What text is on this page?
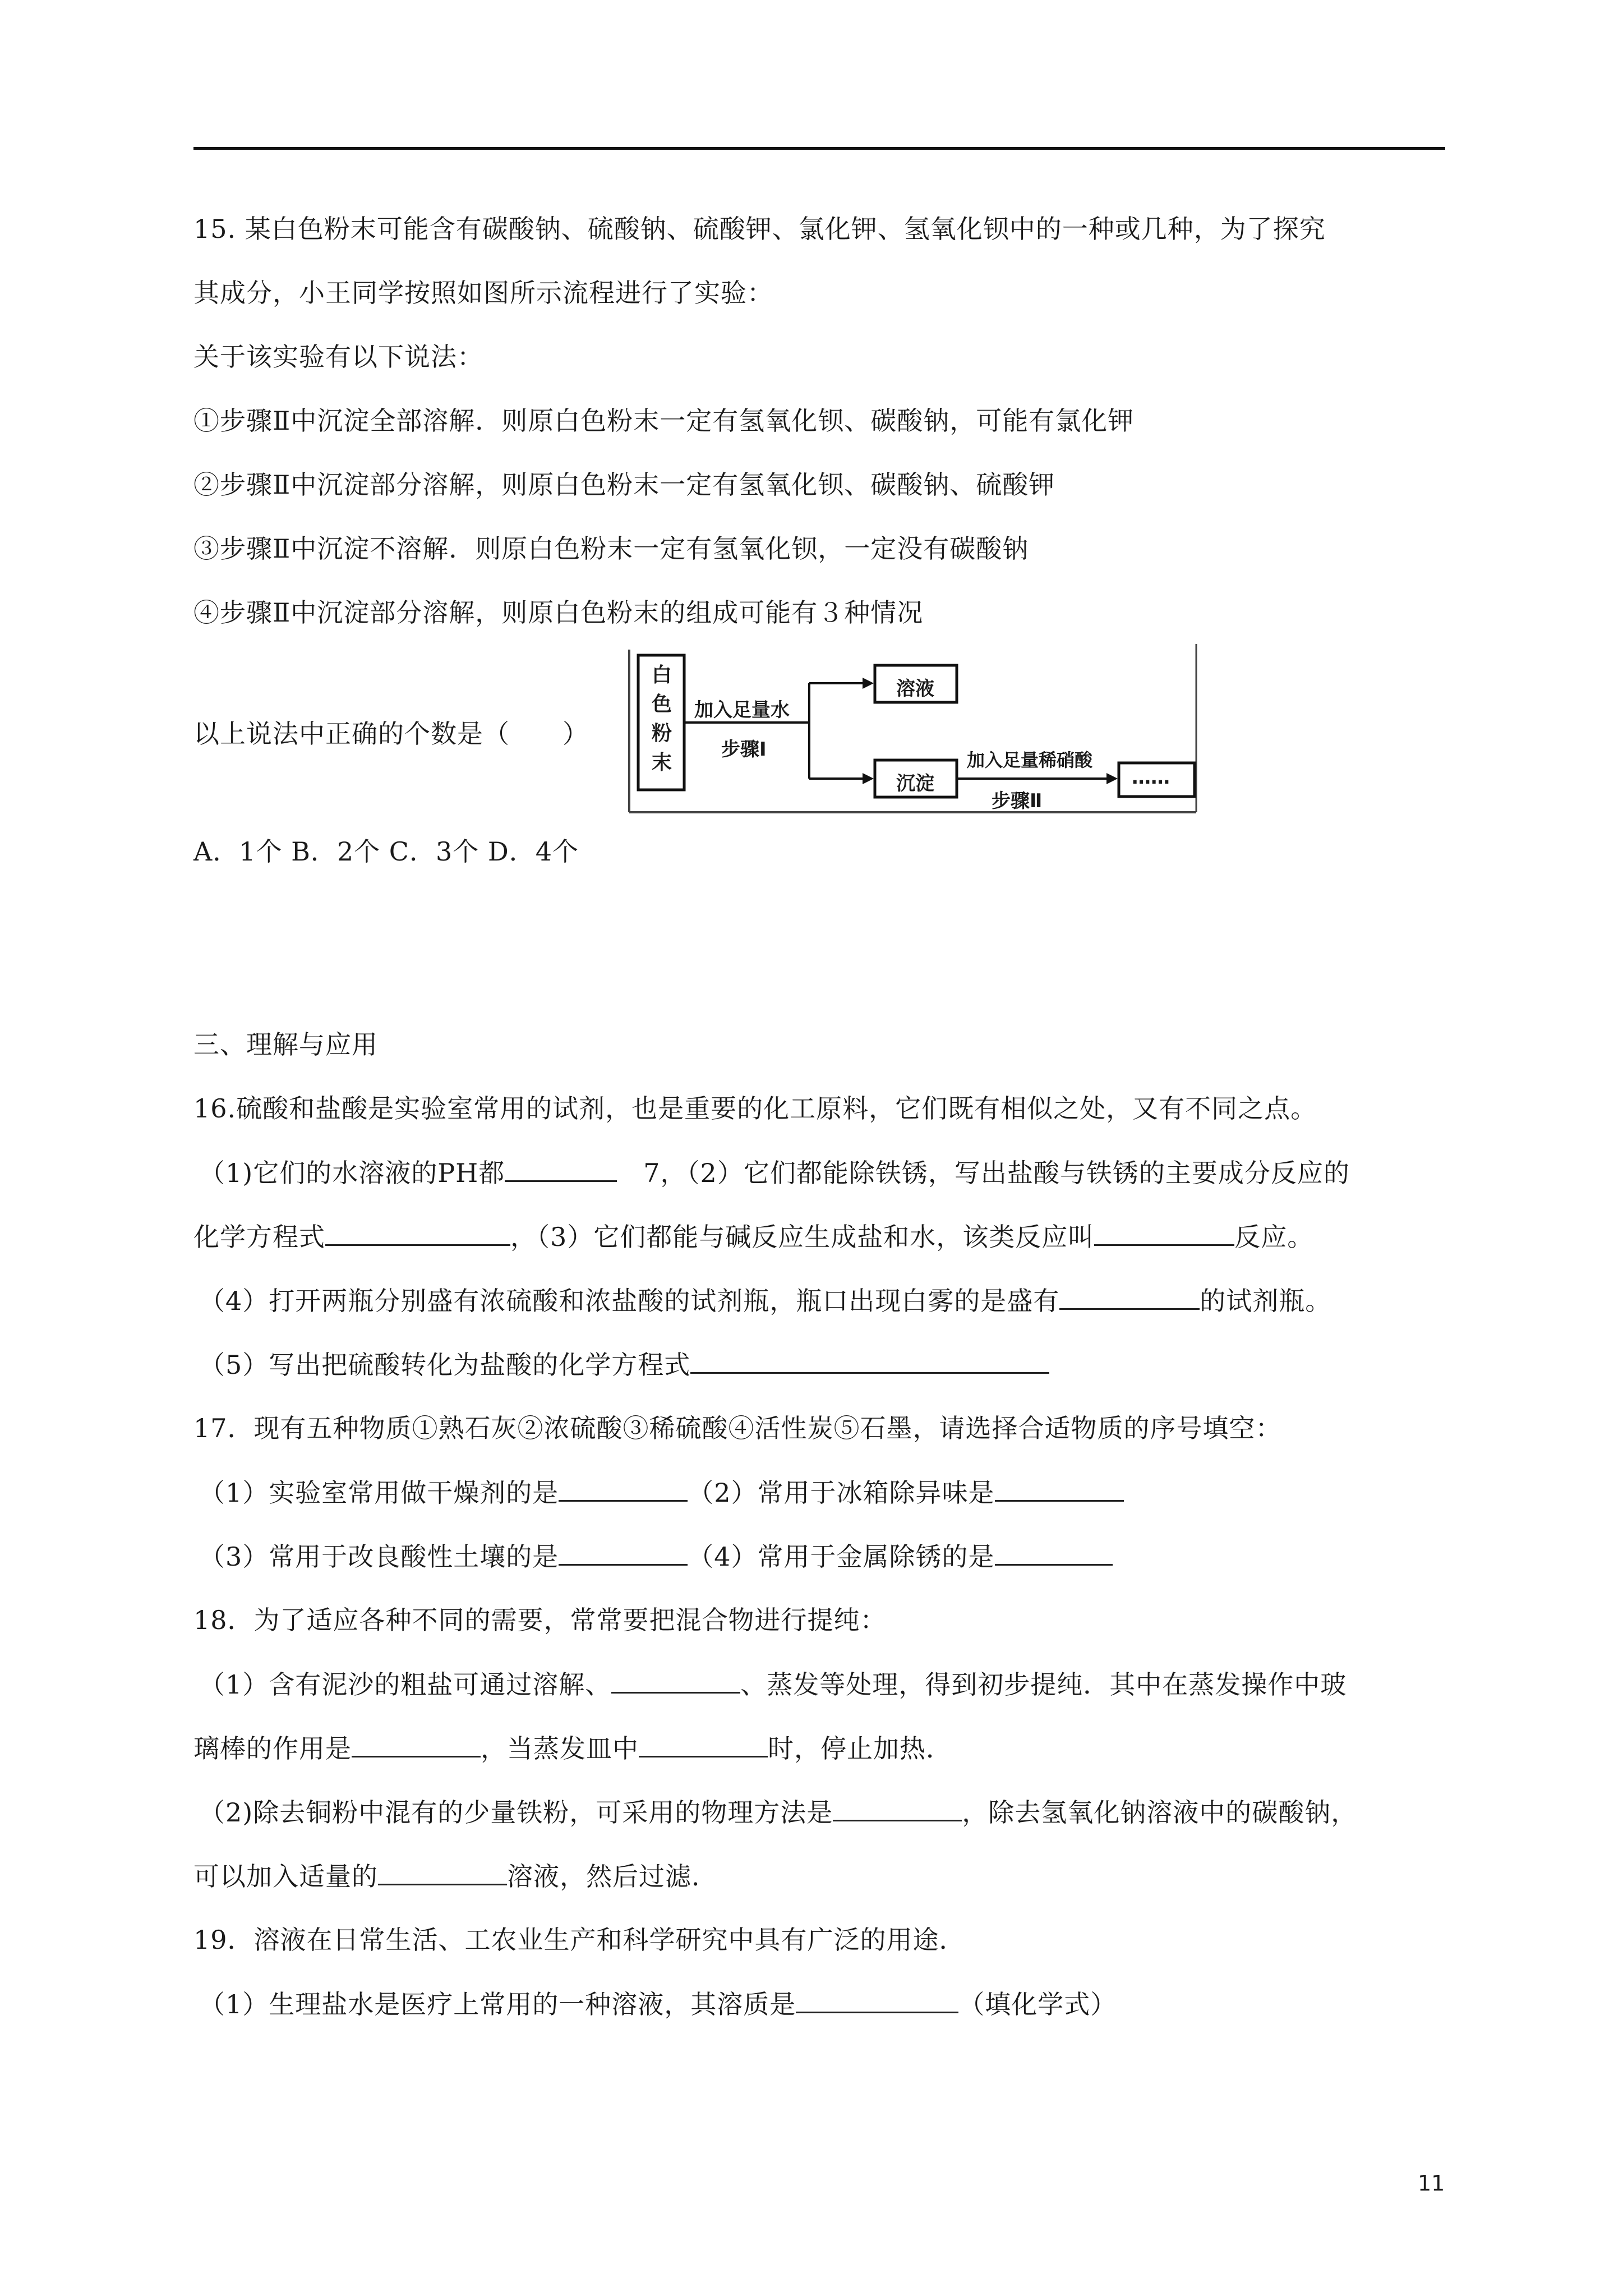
15. 某白色粉末可能含有碳酸钠、硫酸钠、硫酸钾、氯化钾、氢氧化钡中的一种或几种，为了探究
其成分，小王同学按照如图所示流程进行了实验：
关于该实验有以下说法：
①步骤Ⅱ中沉淀全部溶解．则原白色粉末一定有氢氧化钡、碳酸钠，可能有氯化钾
②步骤Ⅱ中沉淀部分溶解，则原白色粉末一定有氢氧化钡、碳酸钠、硫酸钾
③步骤Ⅱ中沉淀不溶解．则原白色粉末一定有氢氧化钡，一定没有碳酸钠
④步骤Ⅱ中沉淀部分溶解，则原白色粉末的组成可能有３种情况
以上说法中正确的个数是（　　）
A．1个 B．2个 C．3个 D．4个
白色粉末
加入足量水
步骤Ⅰ
溶液
沉淀
加入足量稀硝酸
步骤Ⅱ
……
三、理解与应用
16.硫酸和盐酸是实验室常用的试剂，也是重要的化工原料，它们既有相似之处，又有不同之点。
（1)它们的水溶液的PH都	　7，（2）它们都能除铁锈，写出盐酸与铁锈的主要成分反应的
化学方程式	，（3）它们都能与碱反应生成盐和水，该类反应叫	反应。
（4）打开两瓶分别盛有浓硫酸和浓盐酸的试剂瓶，瓶口出现白雾的是盛有	的试剂瓶。
（5）写出把硫酸转化为盐酸的化学方程式
17．现有五种物质①熟石灰②浓硫酸③稀硫酸④活性炭⑤石墨，请选择合适物质的序号填空：
（1）实验室常用做干燥剂的是	（2）常用于冰箱除异味是
（3）常用于改良酸性土壤的是	（4）常用于金属除锈的是
18．为了适应各种不同的需要，常常要把混合物进行提纯：
（1）含有泥沙的粗盐可通过溶解、	、蒸发等处理，得到初步提纯．其中在蒸发操作中玻
璃棒的作用是	，当蒸发皿中	时，停止加热．
（2)除去铜粉中混有的少量铁粉，可采用的物理方法是	，除去氢氧化钠溶液中的碳酸钠，
可以加入适量的	溶液，然后过滤．
19．溶液在日常生活、工农业生产和科学研究中具有广泛的用途．
（1）生理盐水是医疗上常用的一种溶液，其溶质是	（填化学式）
11
